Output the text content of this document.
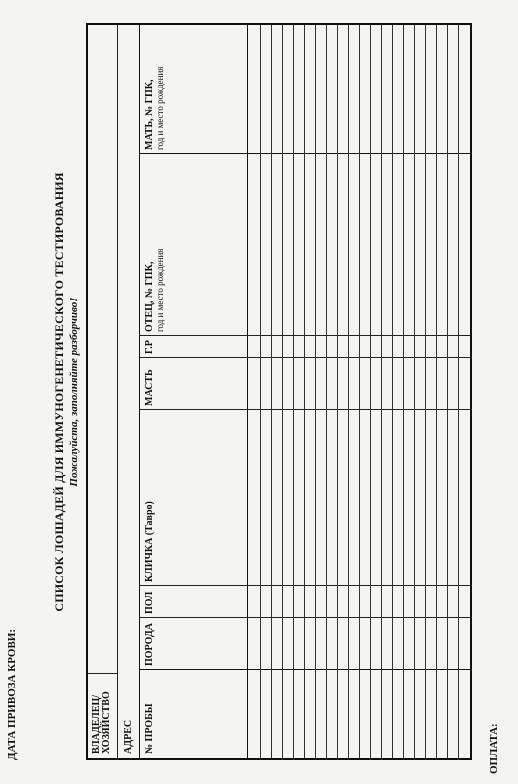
ДАТА ПРИВОЗА КРОВИ:
СПИСОК ЛОШАДЕЙ ДЛЯ ИММУНОГЕНЕТИЧЕСКОГО ТЕСТИРОВАНИЯ Пожалуйста, заполняйте разборчиво!
ВЛАДЕЛЕЦ/
ХОЗЯЙСТВО АДРЕС № ПРОБЫ
ПОРОДА
ПОЛ
КЛИЧКА (Тавро)
МАСТЬ
Г.Р
ОТЕЦ, № ГПК, год и место рождения
МАТЬ, № ГПК, год и место рождения
ОПЛАТА:
